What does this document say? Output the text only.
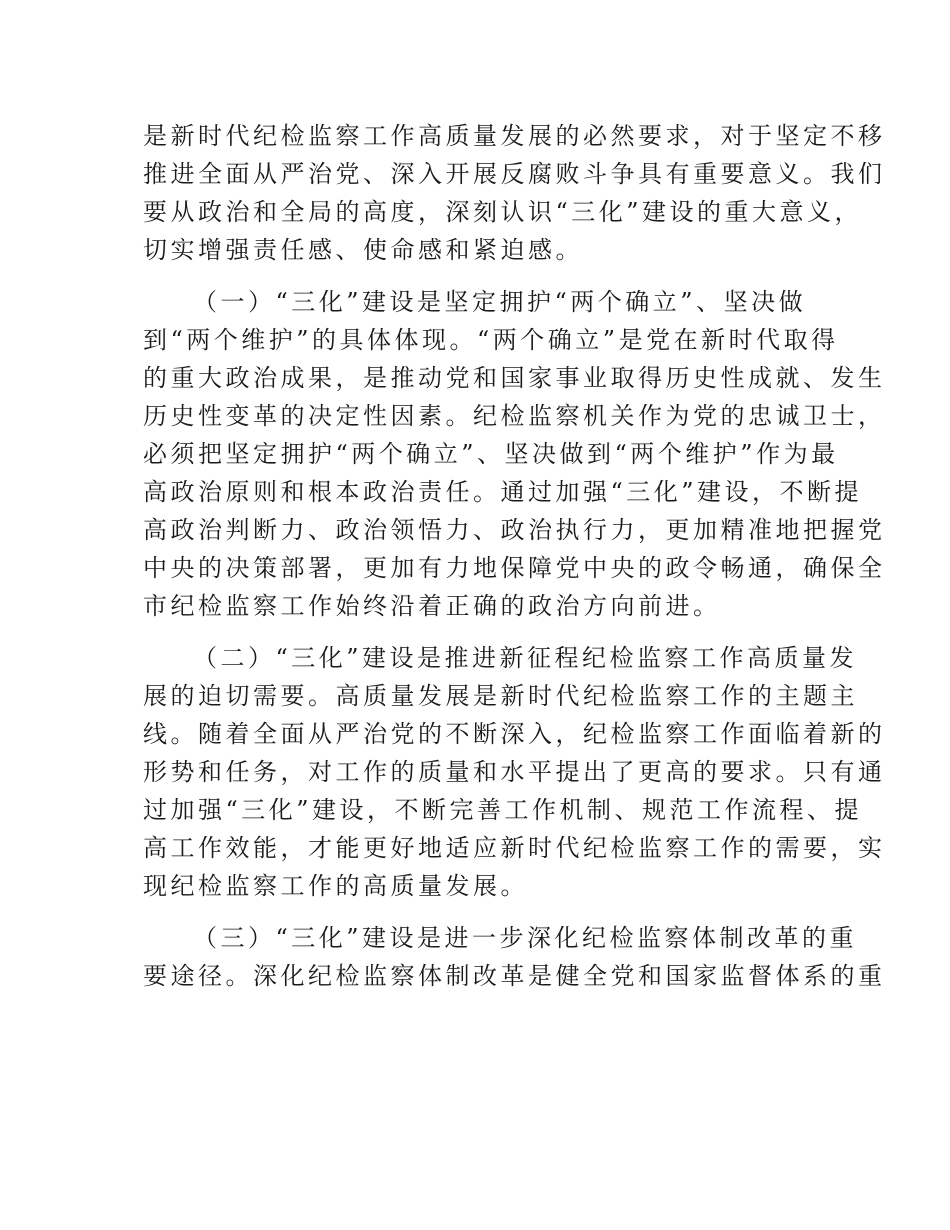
是新时代纪检监察工作高质量发展的必然要求，对于坚定不移
推进全面从严治党、深入开展反腐败斗争具有重要意义。我们
要从政治和全局的高度，深刻认识“三化”建设的重大意义，
切实增强责任感、使命感和紧迫感。
（一）“三化”建设是坚定拥护“两个确立”、坚决做
到“两个维护”的具体体现。“两个确立”是党在新时代取得
的重大政治成果，是推动党和国家事业取得历史性成就、发生
历史性变革的决定性因素。纪检监察机关作为党的忠诚卫士，
必须把坚定拥护“两个确立”、坚决做到“两个维护”作为最
高政治原则和根本政治责任。通过加强“三化”建设，不断提
高政治判断力、政治领悟力、政治执行力，更加精准地把握党
中央的决策部署，更加有力地保障党中央的政令畅通，确保全
市纪检监察工作始终沿着正确的政治方向前进。
（二）“三化”建设是推进新征程纪检监察工作高质量发
展的迫切需要。高质量发展是新时代纪检监察工作的主题主
线。随着全面从严治党的不断深入，纪检监察工作面临着新的
形势和任务，对工作的质量和水平提出了更高的要求。只有通
过加强“三化”建设，不断完善工作机制、规范工作流程、提
高工作效能，才能更好地适应新时代纪检监察工作的需要，实
现纪检监察工作的高质量发展。
（三）“三化”建设是进一步深化纪检监察体制改革的重
要途径。深化纪检监察体制改革是健全党和国家监督体系的重
